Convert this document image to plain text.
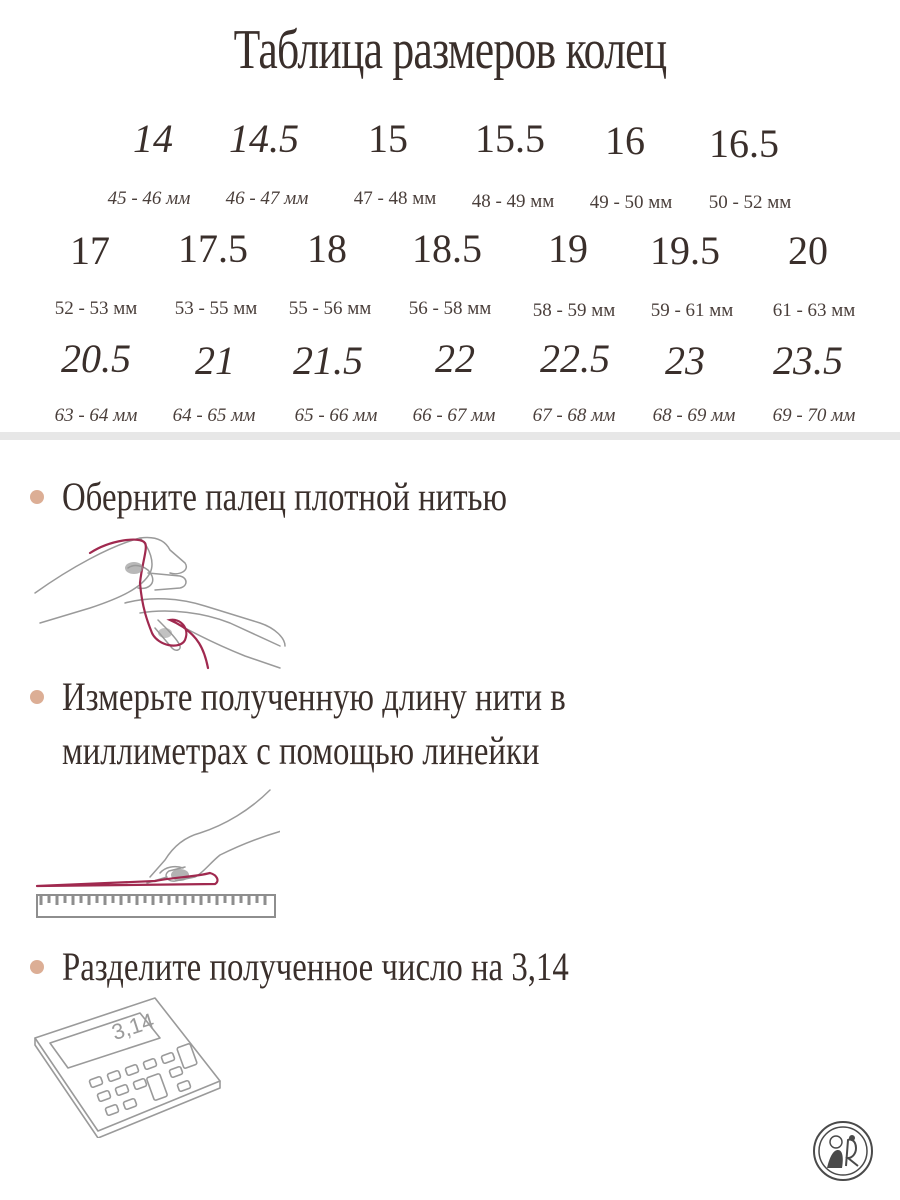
Таблица размеров колец
14	14.5	15	15.5	16	16.5
45 - 46 мм	46 - 47 мм	47 - 48 мм	48 - 49 мм	49 - 50 мм	50 - 52 мм
17	17.5	18	18.5	19	19.5	20
52 - 53 мм	53 - 55 мм	55 - 56 мм	56 - 58 мм	58 - 59 мм	59 - 61 мм	61 - 63 мм
20.5	21	21.5	22	22.5	23	23.5
63 - 64 мм	64 - 65 мм	65 - 66 мм	66 - 67 мм	67 - 68 мм	68 - 69 мм	69 - 70 мм
Оберните палец плотной нитью
Измерьте полученную длину нити в
миллиметрах с помощью линейки
Разделите полученное число на 3,14
3,14
